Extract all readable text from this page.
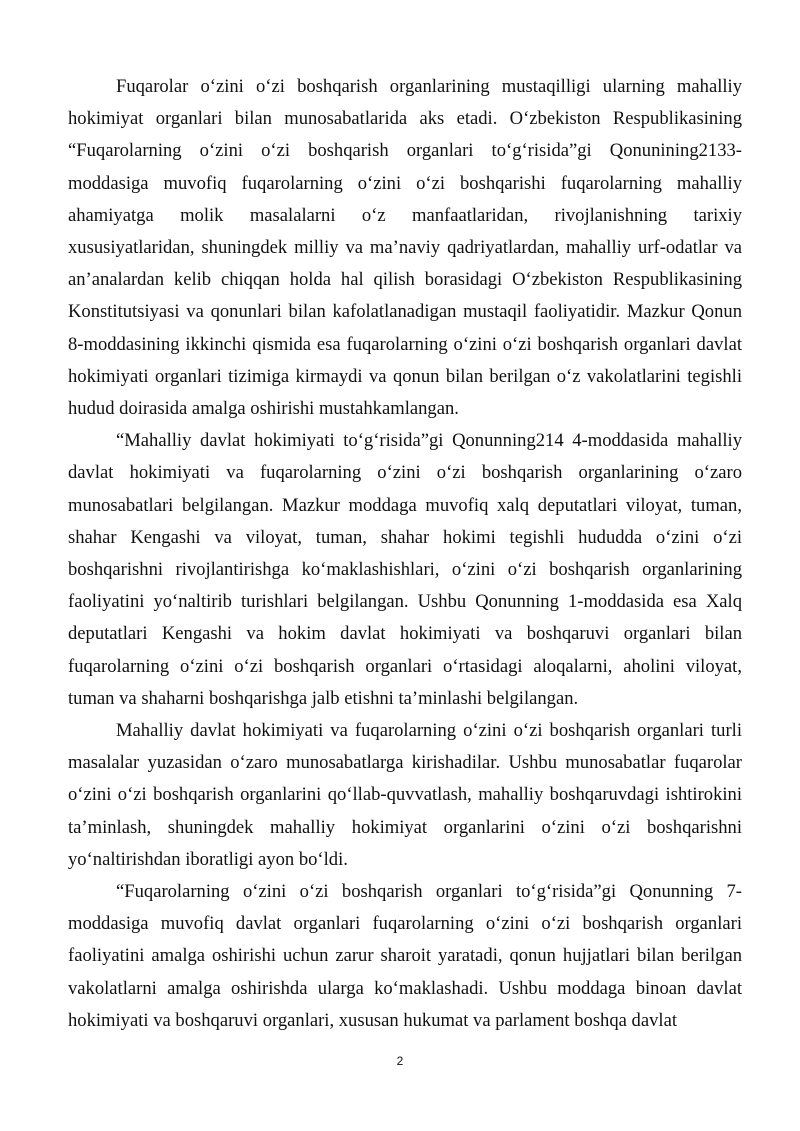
Fuqarolar o‘zini o‘zi boshqarish organlarining mustaqilligi ularning mahalliy hokimiyat organlari bilan munosabatlarida aks etadi. O‘zbekiston Respublikasining “Fuqarolarning o‘zini o‘zi boshqarish organlari to‘g‘risida”gi Qonunining2133-moddasiga muvofiq fuqarolarning o‘zini o‘zi boshqarishi fuqarolarning mahalliy ahamiyatga molik masalalarni o‘z manfaatlaridan, rivojlanishning tarixiy xususiyatlaridan, shuningdek milliy va ma’naviy qadriyatlardan, mahalliy urf-odatlar va an’analardan kelib chiqqan holda hal qilish borasidagi O‘zbekiston Respublikasining Konstitutsiyasi va qonunlari bilan kafolatlanadigan mustaqil faoliyatidir. Mazkur Qonun 8-moddasining ikkinchi qismida esa fuqarolarning o‘zini o‘zi boshqarish organlari davlat hokimiyati organlari tizimiga kirmaydi va qonun bilan berilgan o‘z vakolatlarini tegishli hudud doirasida amalga oshirishi mustahkamlangan.

“Mahalliy davlat hokimiyati to‘g‘risida”gi Qonunning214 4-moddasida mahalliy davlat hokimiyati va fuqarolarning o‘zini o‘zi boshqarish organlarining o‘zaro munosabatlari belgilangan. Mazkur moddaga muvofiq xalq deputatlari viloyat, tuman, shahar Kengashi va viloyat, tuman, shahar hokimi tegishli hududda o‘zini o‘zi boshqarishni rivojlantirishga ko‘maklashishlari, o‘zini o‘zi boshqarish organlarining faoliyatini yo‘naltirib turishlari belgilangan. Ushbu Qonunning 1-moddasida esa Xalq deputatlari Kengashi va hokim davlat hokimiyati va boshqaruvi organlari bilan fuqarolarning o‘zini o‘zi boshqarish organlari o‘rtasidagi aloqalarni, aholini viloyat, tuman va shaharni boshqarishga jalb etishni ta’minlashi belgilangan.

Mahalliy davlat hokimiyati va fuqarolarning o‘zini o‘zi boshqarish organlari turli masalalar yuzasidan o‘zaro munosabatlarga kirishadilar. Ushbu munosabatlar fuqarolar o‘zini o‘zi boshqarish organlarini qo‘llab-quvvatlash, mahalliy boshqaruvdagi ishtirokini ta’minlash, shuningdek mahalliy hokimiyat organlarini o‘zini o‘zi boshqarishni yo‘naltirishdan iboratligi ayon bo‘ldi.

“Fuqarolarning o‘zini o‘zi boshqarish organlari to‘g‘risida”gi Qonunning 7-moddasiga muvofiq davlat organlari fuqarolarning o‘zini o‘zi boshqarish organlari faoliyatini amalga oshirishi uchun zarur sharoit yaratadi, qonun hujjatlari bilan berilgan vakolatlarni amalga oshirishda ularga ko‘maklashadi. Ushbu moddaga binoan davlat hokimiyati va boshqaruvi organlari, xususan hukumat va parlament boshqa davlat

2
